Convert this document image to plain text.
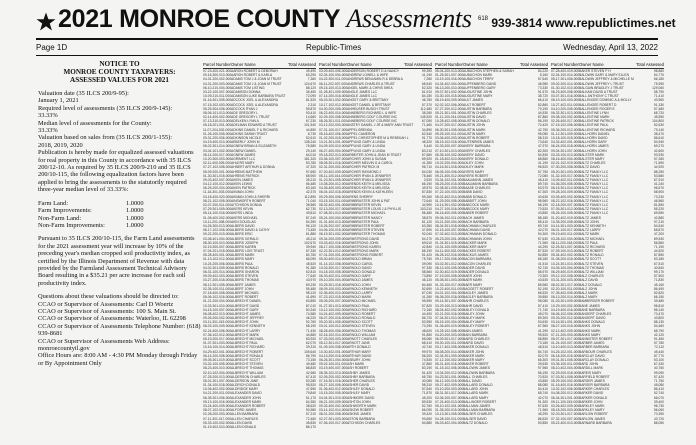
2021 MONROE COUNTY Assessments $^{618}$ 939-3814 www.republictimes.net
Page 1D	Republic-Times	Wednesday, April 13, 2022
NOTICE TO
MONROE COUNTY TAXPAYERS:
ASSESSED VALUES FOR 2021

Valuation date (35 ILCS 200/9-95):
January 1, 2021

Required level of assessments (35 ILCS 200/9-145):
33.33%

Median level of assessments for the County:
33.33%

Valuation based on sales from (35 ILCS 200/1-155):
2018, 2019, 2020

Publication is hereby made for equalized assessed valuations for real property in this County in accordance with 35 ILCS 200/12-10. As required by 35 ILCS 200/9-210 and 35 ILCS 200/10-115, the following equalization factors have been applied to bring the assessments to the statutorily required three-year median level of 33.33%:

Farm Land:	1.0000

Farm Improvements:	1.0000

Non-Farm Land:	1.0000

Non-Farm Improvements:	1.0000

Pursuant to 35 ILCS 200/10-115, the Farm Land assessments for the 2021 assessment year will increase by 10% of the preceding year's median cropped soil productivity index, as certified by the Illinois Department of Revenue with data provided by the Farmland Assessment Technical Advisory Board resulting in a $35.21 per acre increase for each soil productivity index.

Questions about these valuations should be directed to:

CCAO or Supervisor of Assessments: Carl D Woertz

CCAO or Supervisor of Assessments: 100 S. Main St.

CCAO or Supervisor of Assessments: Waterloo, IL 62298

CCAO or Supervisor of Assessments Telephone Number: (618) 939-8681

CCAO or Supervisor of Assessments Web Address: monroecountyil.gov

Office Hours are: 8:00 AM - 4:30 PM Monday through Friday or By Appointment Only

Parcel Number Owner Name	Total Assessed
07-23-400-021-000 AARON ROBERT & DEBORAH	49,490
09-16-300-010-000 AARON ROBERT & KARLA	63,290
04-31-200-002-000 ADAMS TOM J & JOAN M TRUST	7,360
04-31-200-003-000 ADAMS TOM J & JOAN M TRUST	124,670
06-10-210-004-000 ADAMS TOM LISTING	88,120
03-22-100-007-000 ADAMSON DONNA	36,450
10-09-210-011-000 ADAMSON LUKE BARBARA TRUST	72,090
01-16-301-005-000 ADCOCK JOEL & ALEXANDRA	81,520
07-15-102-003-000 ADCOCK JOEL & ALEXANDRA	2,310
05-25-304-006-000 ADCOCK RYAN J	59,870
08-06-101-013-000 ADE GREGORY L	93,410
02-14-400-002-000 ADE GREGORY L TRUST	14,660
07-13-310-013-000 ADELKEN LYNN A	67,230
05-18-201-001-000 ADELMAN EDWARD A TRUST	101,540
11-07-204-002-000 ADKINS DANIEL F & RICHARD	44,890
01-26-100-005-000 ADKINS SARAH TRUST	8,730
09-31-200-006-000 ADKINSON NICOLE	52,610
04-19-400-010-000 AEBERLY JOHN M	138,240
06-02-301-014-000 AGNEW BRIAN & ELIZABETH	76,580
03-04-101-002-000 AGNEW DANIEL	29,140
08-14-200-017-000 AGNEW JAMES	64,010
10-20-300-003-000 AGRIMENT LLC	181,320
02-11-400-009-000 AHLERS MARY	53,780
07-27-102-008-000 AHNERT ARTHUR & DONNA	47,320
05-09-200-001-000 AHRENS MATTHEW	97,650
01-30-301-015-000 AHRENS PATRICK	68,900
09-03-402-007-000 AIKEN JAMES	35,210
04-12-100-012-000 AIKEN LEWIS	56,480
06-25-200-004-000 AIKEN PATRICK	83,160
11-16-301-003-000 AIKMAN JOHN	42,370
03-18-400-020-000 AIKMAN JOHN & SHERRI	112,890
08-21-102-005-000 AINSWORTH ROBERT	71,040
02-07-200-011-000 AITCHISON DONNA	38,560
07-29-301-009-000 AKERS KEVIN	62,730
05-14-100-016-000 AKERS LINDA	49,810
01-05-400-002-000 AKERS MICHAEL	87,240
10-11-201-008-000 AKIN DOUGLAS	54,390
04-26-300-013-000 ALBERS DAVID	96,120
06-17-102-006-000 ALBERS DAVID & CATHY	73,450
09-22-200-019-000 ALBERS ERIC	61,880
03-08-401-004-000 ALBERS GERALD	45,210
08-30-100-010-000 ALBERS JOSEPH	102,670
02-19-300-007-000 ALBERS KAREN	39,940
07-04-201-015-000 ALBERS LOIS TRUST	57,330
05-28-400-001-000 ALBERS MARK	84,760
01-13-102-012-000 ALBERS MARY	66,090
10-24-200-006-000 ALBERS PAUL	48,520
04-02-301-009-000 ALBERS RONALD	91,380
06-31-100-014-000 ALBERS SHARON	52,810
09-09-402-003-000 ALBERS STEVEN	77,640
03-27-200-018-000 ALBERS THOMAS	43,970
08-12-301-005-000 ALBERT JAMES	69,230
02-35-100-011-000 ALBERT JOHN	55,480
07-18-400-008-000 ALBERT MICHAEL	98,120
05-06-102-016-000 ALBERT ROBERT	41,690
01-21-200-004-000 ALBRECHT DANIEL	63,850
10-33-301-010-000 ALBRECHT DAVID	87,010
04-15-100-007-000 ALBRECHT GARY	50,340
06-08-402-013-000 ALBRECHT JAMES	74,580
09-26-200-002-000 ALBRECHT JEFFREY	46,220
03-11-301-015-000 ALBRECHT JOHN	92,760
08-03-100-009-000 ALBRECHT KENNETH	58,190
02-24-400-006-000 ALBRECHT LARRY	71,430
07-36-102-012-000 ALBRECHT MARK	44,860
05-19-200-017-000 ALBRECHT MICHAEL	83,920
01-07-301-003-000 ALBRECHT PAUL	62,070
10-16-100-014-000 ALBRECHT RICHARD	39,310
04-29-402-001-000 ALBRECHT ROBERT	105,640
06-14-200-008-000 ALBRECHT RONALD	56,790
09-05-301-019-000 ALBRECHT SCOTT	73,150
03-32-100-005-000 ALBRECHT STEVEN	49,480
08-23-400-010-000 ALBRECHT THOMAS	88,830
02-10-102-004-000 ALBRECHT WILLIAM	42,960
07-25-200-013-000 ALDERSON CHARLES	67,410
05-01-301-007-000 ALDERSON JANE	53,280
01-34-100-018-000 ALDRICH DONALD	95,520
10-06-402-002-000 ALDRIDGE MARY	47,690
04-21-200-011-000 ALEXANDER DAVID	79,840
06-35-301-006-000 ALEXANDER JOHN	51,170
09-13-100-016-000 ALEXANDER MARK	64,350
03-24-400-009-000 ALEXANDER ROBERT	38,620
08-07-102-014-000 ALFORD JAMES	90,980
02-28-200-003-000 ALLEN BARBARA	57,210
07-11-301-017-000 ALLEN CHARLES	72,460
05-33-100-002-000 ALLEN DAVID	45,830
01-19-402-010-000 ALLEN DONALD	86,170
Parcel Number Owner Name	Total Assessed
03-09-400-005-000 ANDERSON ROBERT D & NANCY	99,390
02-04-100-004-000 ANDREW LOWELL & WIFE	41,190
04-22-300-011-000 ANDREWS BENJAMIN R & DEBRA A	7,280
06-11-202-007-000 ANDREWS CHARLES A TRUST	68,540
09-15-100-013-000 ANGEL MARK & CHRIS SHEA	52,320
01-28-401-009-000 ANGLE JAMES LLC	61,910
07-14-200-016-000 ANGLE JAMES LLC	84,150
05-03-301-002-000 ANGST GARY & BRITTANY	46,780
10-17-102-012-000 ANGST DANIEL & BRITTANY	57,370
04-30-200-005-000 ANHEUSER BUSCH TRUST	112,480
06-22-400-014-000 ANNEBERG RICHARD L & WIFE	38,260
02-09-100-008-000 ANNEBERG GOLF COURSE INC	145,920
08-26-301-011-000 ANNEBERG GOLF COURSE INC	67,050
03-12-202-003-000 ANSTEY DANIEL J JR & MARY ANN TRUST	71,460
07-31-100-017-000 APPEL BRENDA	34,890
05-16-402-006-000 APPEL CAMERON	62,540
01-02-200-015-000 APPEL CHRISTOPHER M & REBEKAH L	91,770
10-21-301-001-000 APPLING GARY & LINDA	48,320
04-09-100-010-000 APPLING GARY & LINDA	5,440
06-27-400-004-000 APPLING GARY & LINDA	83,210
09-18-202-013-000 ARBEITER JOHN & JEAN M TRUST	57,680
03-36-100-007-000 ARCHER JOHN & SUSAN	69,920
08-05-301-016-000 ARCHER MELVIN G & CAROL	41,350
02-31-200-002-000 ARCHER PATRICK M	96,710
07-20-402-009-000 ARCHER RAYMOND J	54,030
05-11-100-014-000 ARCHER RYAN & JENNIFER	78,460
01-23-301-005-000 ARCHER RYAN & JENNIFER	3,920
10-08-200-012-000 ARENDS KEITH & MELISSA	66,190
04-35-400-003-000 ARENDS KEITH & MELISSA	49,570
06-04-102-018-000 ARENDS KEVIN & KATHLEEN	87,830
09-29-300-006-000 ARENS SHERRY	59,260
03-15-100-011-000 ARMBRUSTER JOHN & PAT	72,640
08-32-402-001-000 ARMBRUSTER KEVIN	44,990
02-13-200-017-000 ARMBRUSTER LOUIS J & PHYLLIS	103,210
07-08-301-010-000 ARMBRUSTER MICHAEL	56,480
05-24-100-004-000 ARMBRUSTER NANCY	38,870
01-31-400-013-000 ARMBRUSTER PAUL	81,120
10-26-202-007-000 ARMBRUSTER ROBERT	63,350
04-06-100-015-000 ARMBRUSTER STEVEN	47,690
06-19-301-002-000 ARMBRUSTER THOMAS	92,040
09-34-200-009-000 ARMSTRONG DAVID	54,270
03-03-402-016-000 ARMSTRONG JOHN	69,610
08-17-100-006-000 ARMSTRONG KAREN	42,840
02-22-301-012-000 ARMSTRONG MARK	88,190
07-01-200-001-000 ARMSTRONG ROBERT	51,420
05-30-400-014-000 ARNOLD BRIAN	75,760
01-14-102-008-000 ARNOLD CAROL	39,090
10-03-300-017-000 ARNOLD DAVID	97,330
04-18-100-005-000 ARNOLD DONALD	58,560
06-33-402-011-000 ARNOLD GARY	73,890
09-10-200-004-000 ARNOLD JAMES	46,120
03-25-301-018-000 ARNOLD JOHN	84,460
08-09-100-003-000 ARNOLD KENNETH	52,690
02-36-400-010-000 ARNOLD LARRY	67,030
07-23-102-015-000 ARNOLD MARK	41,260
05-05-200-007-000 ARNOLD MICHAEL	95,590
01-27-301-013-000 ARNOLD PAUL	57,820
10-12-100-002-000 ARNOLD RICHARD	72,160
04-24-402-009-000 ARNOLD ROBERT	44,490
06-07-200-016-000 ARNOLD RONALD	86,720
09-20-301-005-000 ARNOLD SCOTT	53,950
03-01-100-012-000 ARNOLD STEVEN	70,290
08-28-400-006-000 ARNOLD THOMAS	48,620
02-16-102-014-000 ARNOLD WILLIAM	91,850
07-33-200-003-000 ARNOTT CHARLES	55,080
05-12-301-017-000 ARNOTT JANE	68,410
01-09-100-008-000 ARTH DONALD	42,740
10-30-402-001-000 ARTHUR MARY	99,970
04-13-200-015-000 ARTHUR DAVID	56,200
06-26-301-004-000 ASBURY JOHN	74,530
09-02-100-011-000 ASH MARK	47,860
03-19-400-007-000 ASH ROBERT	83,190
08-35-102-013-000 ASHBY JAMES	51,420
02-05-200-002-000 ASHBY BARBARA	65,750
07-16-301-016-000 ASHER CHARLES	40,080
05-27-100-006-000 ASHER DAVID	98,310
01-36-402-012-000 ASHLEY DONALD	57,540
10-15-200-005-000 ASHLEY MARY	71,870
04-04-301-019-000 ASHMORE DAVID	45,200
06-21-100-009-000 ASHTON JOHN	89,530
09-32-400-002-000 ASHWORTH MARK	52,760
03-14-102-014-000 ASKEW ROBERT	66,090
08-01-200-008-000 ASKINS JAMES	39,420
02-27-301-003-000 ASTON BARBARA	93,650
07-06-100-017-000 ATCHISON CHARLES	54,880
Parcel Number Owner Name	Total Assessed
05-04-200-013-000 AUBUCHON STEPHEN & SARAH	84,220
01-25-301-007-000 AUBUCHON MARK	5,160
10-19-100-016-000 AUBUCHON TERRY	57,640
04-34-402-004-000 AUFFENBERG DAVID	46,980
06-13-200-010-000 AUFFENBERG GARY	73,330
09-07-301-002-000 AUGUSTINE JOHN	91,570
03-30-100-015-000 AUGUSTINE MARY	38,720
08-19-400-009-000 AULT JAMES	66,410
02-02-102-006-000 AULT ROBERT	52,860
07-27-200-012-000 AUSTIN BARBARA	79,190
05-21-301-001-000 AUSTIN CHARLES	44,530
01-11-100-014-000 AUSTIN DAVID	87,860
10-28-402-008-000 AUSTIN DONALD	56,190
04-07-200-017-000 AUSTIN JOHN	70,420
06-30-301-005-000 AUSTIN MARK	42,750
09-25-100-011-000 AUSTIN MARY	95,080
03-06-400-003-000 AUSTIN ROBERT	58,310
08-15-102-016-000 AUTENRIEB JAMES	73,640
02-33-200-007-000 AVERY BARBARA	47,970
07-10-301-013-000 AVERY CHARLES	82,300
05-35-100-002-000 AVERY DAVID	54,530
01-18-402-010-000 AVERY DONALD	68,860
10-02-200-004-000 AXLEY JOHN	41,190
04-16-301-018-000 AXLEY MARK	96,520
06-05-100-006-000 AYERS MARY	57,750
09-21-400-012-000 AYERS ROBERT	72,080
03-34-102-001-000 BAALMANN JAMES	45,410
08-25-200-015-000 BAALMANN BARBARA	89,740
02-08-301-009-000 BAASE CHARLES	53,970
07-22-100-003-000 BABB DAVID	67,300
05-02-402-014-000 BABB DONALD	40,630
01-29-200-008-000 BABBITT JOHN	98,960
10-14-301-002-000 BABCOCK MARK	56,190
04-27-100-016-000 BABCOCK MARY	70,520
06-16-400-005-000 BABER ROBERT	43,850
09-06-102-011-000 BACH JAMES	88,180
03-21-200-004-000 BACH BARBARA	55,410
08-34-301-018-000 BACHMAN CHARLES	69,740
02-15-100-007-000 BACHMAN DAVID	42,070
07-02-402-013-000 BACHMANN DONALD	94,300
05-23-200-001-000 BACHMANN JOHN	57,630
01-04-301-015-000 BACKER MARK	71,960
10-31-100-009-000 BACKER MARY	44,290
04-11-400-002-000 BACKES ROBERT	87,520
06-28-102-016-000 BACKUS JAMES	54,850
09-17-200-006-000 BACON BARBARA	68,180
03-02-301-012-000 BACON CHARLES	41,510
08-13-100-005-000 BADER DAVID	92,740
02-30-402-019-000 BADER DONALD	56,970
07-19-200-008-000 BAER JOHN	70,300
05-08-301-003-000 BAER MARK	43,630
01-33-100-017-000 BAER MARY	85,960
10-22-400-011-000 BAGGETT ROBERT	52,190
04-01-102-004-000 BAGLEY JAMES	66,520
06-36-200-018-000 BAGLEY BARBARA	39,850
09-14-301-007-000 BAHR CHARLES	98,080
03-29-100-013-000 BAHR DAVID	57,410
08-04-402-002-000 BAILEY DONALD	71,740
02-21-200-016-000 BAILEY JOHN	45,070
07-34-301-010-000 BAILEY MARK	89,300
05-15-100-004-000 BAILEY MARY	53,630
01-06-400-019-000 BAILEY ROBERT	67,960
10-25-102-008-000 BAIN JAMES	41,290
04-20-200-003-000 BAIN BARBARA	95,520
06-09-301-017-000 BAIRD CHARLES	58,850
09-30-100-011-000 BAIRD DAVID	73,180
03-17-402-005-000 BAKER DONALD	46,510
08-08-200-014-000 BAKER JOHN	84,740
02-34-301-009-000 BAKER MARK	52,070
07-12-100-002-000 BAKER MARY	66,300
05-31-400-016-000 BAKER ROBERT	39,630
01-15-102-006-000 BALDWIN JAMES	97,960
10-04-200-012-000 BALDWIN BARBARA	56,190
04-23-301-001-000 BALL CHARLES	70,520
06-12-100-015-000 BALL DAVID	43,850
09-27-402-009-000 BALLARD DONALD	88,080
03-10-200-003-000 BALLARD JOHN	54,410
08-31-301-017-000 BALLARD MARK	68,740
02-06-100-007-000 BALLARD MARY	42,070
07-24-400-013-000 BALLINGER ROBERT	91,300
05-10-102-001-000 BALLMAN JAMES	57,630
01-35-200-015-000 BALLMAN BARBARA	71,960
10-13-301-005-000 BALSER CHARLES	45,290
04-28-100-011-000 BALSER DAVID	86,520
06-03-402-004-000 BALTZ DONALD	53,850
Parcel Number Owner Name	Total Assessed
07-28-400-019-000 BAKER STEVEN P H	98,860
02-04-100-014-000 BALDWIN GARY & MARY ELLEN	54,770
05-17-301-006-000 BALDWIN JEFFREY & MICHELLE M	66,180
09-02-200-014-000 BALDWIN JEFFREY L TRUST	75,990
01-30-102-010-000 BALGAIN BRADLEY J TRUST	129,060
06-23-400-008-000 BALKAM DAVID A TRUST	58,790
03-07-301-016-000 BALL ANTHONY C TRUST	71,410
08-19-100-003-000 BALLENGEE DOMINIC A & MOLLY	43,960
10-27-402-011-000 BALLENGEE ROBERT D	91,330
04-10-200-005-000 BALLENGEE ROGER E	57,480
06-32-301-013-000 BALLENTINE LYNN	68,720
09-08-100-002-000 BALLENTINE MARK	45,590
02-26-400-017-000 BALLENTINE PATRICK	104,800
07-15-102-006-000 BALLENTINE PAUL	52,630
05-36-200-012-000 BALLENTINE RICHARD	79,140
01-12-301-009-000 BALLHORN DANIEL	38,470
10-18-100-015-000 BALLHORN DAVID	86,610
04-32-402-001-000 BALLHORN GARY	54,940
06-24-200-018-000 BALLHORN JAMES	69,270
09-04-301-007-000 BALLHORN JOHN	42,600
03-33-100-013-000 BALSTER MARK	93,930
08-16-400-004-000 BALSTER MARY	57,260
02-01-102-019-000 BALTZ CHARLES	71,590
07-30-200-008-000 BALTZ DAVID	44,920
05-20-301-003-000 BALTZ FAMILY LLC	88,250
01-32-100-017-000 BALTZ FAMILY LLC	53,580
10-09-402-011-000 BALTZ FAMILY LLC	67,910
04-36-200-005-000 BALTZ FAMILY LLC	41,240
06-15-301-014-000 BALTZ FAMILY LLC	96,570
09-28-100-009-000 BALTZ FAMILY LLC	58,900
03-05-400-002-000 BALTZ FAMILY LLC	73,230
08-22-102-016-000 BALTZ FAMILY LLC	46,560
02-18-200-007-000 BALTZ FAMILY LLC	81,890
07-05-301-012-000 BALTZ FAMILY LLC	55,220
05-26-100-005-000 BALTZ FAMILY LLC	69,550
01-20-402-019-000 BALTZ JAMES	42,880
10-35-200-008-000 BALTZ JOHN	97,210
04-14-301-003-000 BALTZ KENNETH	54,540
06-01-100-017-000 BALTZ LARRY	68,870
09-19-400-011-000 BALTZ MARK	47,200
03-28-102-004-000 BALTZ MICHAEL	89,530
08-11-200-018-000 BALTZ PAUL	56,860
02-25-301-007-000 BALTZ RICHARD	71,190
07-09-100-013-000 BALTZ ROBERT	44,520
05-34-402-002-000 BALTZ RONALD	87,850
01-08-200-016-000 BALTZ SCOTT	53,180
10-24-301-010-000 BALTZ STEVEN	67,510
04-05-100-004-000 BALTZ THOMAS	40,840
06-29-400-019-000 BALTZ WILLIAM	99,170
09-12-102-008-000 BALZ CHARLES	57,500
03-31-200-003-000 BALZ DAVID	71,830
08-02-301-017-000 BALZ DONALD	45,160
02-20-100-011-000 BALZ JOHN	86,490
07-35-402-005-000 BALZ MARK	52,820
05-13-200-014-000 BALZ MARY	66,150
01-03-301-009-000 BAMBERGER ROBERT	39,480
10-29-100-002-000 BANE JAMES	96,810
04-19-400-016-000 BANE BARBARA	56,140
06-06-102-006-000 BANGERT CHARLES	70,470
09-33-200-012-000 BANGERT DAVID	43,800
03-16-301-001-000 BANKS DONALD	88,130
08-27-100-015-000 BANKS JOHN	54,460
02-12-402-009-000 BANKS MARK	68,790
07-21-200-003-000 BANKS MARY	42,120
05-07-301-017-000 BANNISTER ROBERT	91,450
01-24-100-007-000 BARBER JAMES	57,780
10-10-400-013-000 BARBER BARBARA	72,110
04-25-102-001-000 BARBOUR CHARLES	45,440
06-18-200-015-000 BARCLAY DAVID	87,770
09-01-301-005-000 BARCLAY DONALD	53,100
03-35-100-011-000 BARD JOHN	67,430
08-10-402-004-000 BARDILL MARK	40,760
02-29-200-018-000 BAREIS MARY	99,090
07-03-301-008-000 BARFIELD ROBERT	57,420
05-29-100-002-000 BARGER JAMES	71,750
01-16-400-016-000 BARGER BARBARA	45,080
10-32-102-006-000 BARKER CHARLES	86,410
04-08-200-012-000 BARKER DAVID	52,740
06-34-301-001-000 BARKER DONALD	66,070
09-11-100-015-000 BARKER JOHN	39,400
03-26-402-009-000 BARKLEY MARK	96,730
08-18-200-003-000 BARKLEY MARY	56,060
02-03-301-017-000 BARLOW ROBERT	70,390
07-32-100-007-000 BARLOW JAMES	43,720
05-22-400-013-000 BARNARD BARBARA	88,050
